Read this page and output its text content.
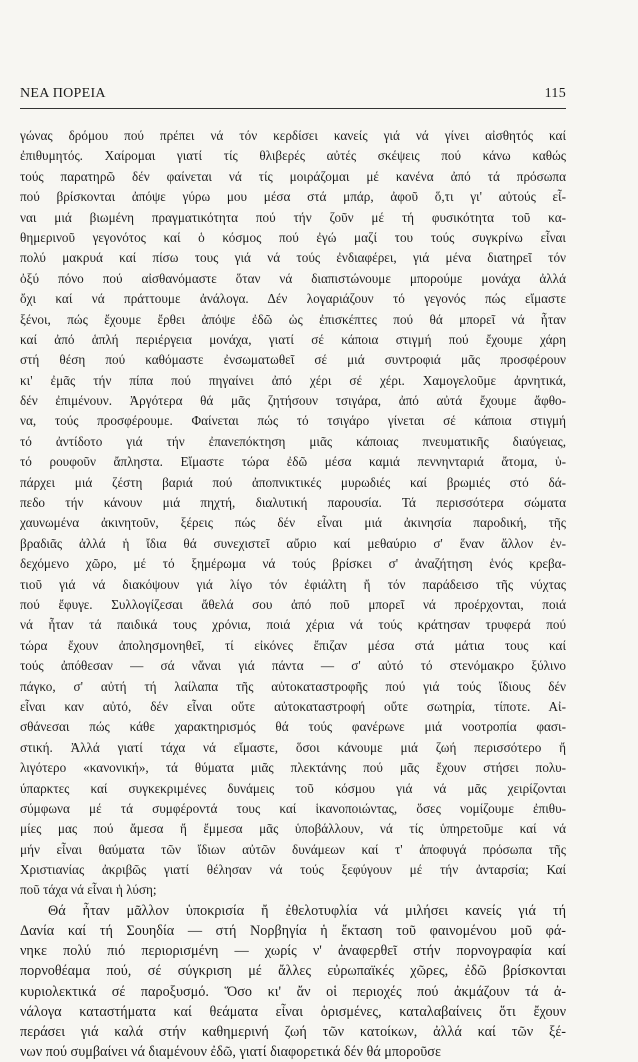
ΝΕΑ ΠΟΡΕΙΑ	115
γώνας δρόμου πού πρέπει νά τόν κερδίσει κανείς γιά νά γίνει αἰσθητός καί
ἐπιθυμητός. Χαίρομαι γιατί τίς θλιβερές αὐτές σκέψεις πού κάνω καθώς
τούς παρατηρῶ δέν φαίνεται νά τίς μοιράζομαι μέ κανένα ἀπό τά πρόσωπα
πού βρίσκονται ἀπόψε γύρω μου μέσα στά μπάρ, ἀφοῦ ὅ,τι γι' αὐτούς εἶ-
ναι μιά βιωμένη πραγματικότητα πού τήν ζοῦν μέ τή φυσικότητα τοῦ κα-
θημερινοῦ γεγονότος καί ὁ κόσμος πού ἐγώ μαζί του τούς συγκρίνω εἶναι
πολύ μακρυά καί πίσω τους γιά νά τούς ἐνδιαφέρει, γιά μένα διατηρεῖ τόν
ὀξύ πόνο πού αἰσθανόμαστε ὅταν νά διαπιστώνουμε μπορούμε μονάχα ἀλλά
ὄχι καί νά πράττουμε ἀνάλογα. Δέν λογαριάζουν τό γεγονός πώς εἴμαστε
ξένοι, πώς ἔχουμε ἔρθει ἀπόψε ἐδῶ ὡς ἐπισκέπτες πού θά μπορεῖ νά ἦταν
καί ἀπό ἁπλή περιέργεια μονάχα, γιατί σέ κάποια στιγμή πού ἔχουμε χάρη
στή θέση πού καθόμαστε ἐνσωματωθεῖ σέ μιά συντροφιά μᾶς προσφέρουν
κι' ἐμᾶς τήν πίπα πού πηγαίνει ἀπό χέρι σέ χέρι. Χαμογελοῦμε ἀρνητικά,
δέν ἐπιμένουν. Ἀργότερα θά μᾶς ζητήσουν τσιγάρα, ἀπό αὐτά ἔχουμε ἄφθο-
να, τούς προσφέρουμε. Φαίνεται πώς τό τσιγάρο γίνεται σέ κάποια στιγμή
τό ἀντίδοτο γιά τήν ἐπανεπόκτηση μιᾶς κάποιας πνευματικῆς διαύγειας,
τό ρουφοῦν ἄπληστα. Εἴμαστε τώρα ἐδῶ μέσα καμιά πεννηνταριά ἄτομα, ὑ-
πάρχει μιά ζέστη βαριά πού ἀποπνικτικές μυρωδιές καί βρωμιές στό δά-
πεδο τήν κάνουν μιά πηχτή, διαλυτική παρουσία. Τά περισσότερα σώματα
χαυνωμένα ἀκινητοῦν, ξέρεις πώς δέν εἶναι μιά ἀκινησία παροδική, τῆς
βραδιᾶς ἀλλά ἡ ἴδια θά συνεχιστεῖ αὔριο καί μεθαύριο σ' ἕναν ἄλλον ἐν-
δεχόμενο χῶρο, μέ τό ξημέρωμα νά τούς βρίσκει σ' ἀναζήτηση ἑνός κρεβα-
τιοῦ γιά νά διακόψουν γιά λίγο τόν ἐφιάλτη ἤ τόν παράδεισο τῆς νύχτας
πού ἔφυγε. Συλλογίζεσαι ἄθελά σου ἀπό ποῦ μπορεῖ νά προέρχονται, ποιά
νά ἦταν τά παιδικά τους χρόνια, ποιά χέρια νά τούς κράτησαν τρυφερά πού
τώρα ἔχουν ἀπολησμονηθεῖ, τί εἰκόνες ἔπιζαν μέσα στά μάτια τους καί
τούς ἀπόθεσαν — σά νἄναι γιά πάντα — σ' αὐτό τό στενόμακρο ξύλινο
πάγκο, σ' αὐτή τή λαίλαπα τῆς αὐτοκαταστροφῆς πού γιά τούς ἴδιους δέν
εἶναι καν αὐτό, δέν εἶναι οὔτε αὐτοκαταστροφή οὔτε σωτηρία, τίποτε. Αἰ-
σθάνεσαι πώς κάθε χαρακτηρισμός θά τούς φανέρωνε μιά νοοτροπία φασι-
στική. Ἀλλά γιατί τάχα νά εἴμαστε, ὅσοι κάνουμε μιά ζωή περισσότερο ἤ
λιγότερο «κανονική», τά θύματα μιᾶς πλεκτάνης πού μᾶς ἔχουν στήσει πολυ-
ύπαρκτες καί συγκεκριμένες δυνάμεις τοῦ κόσμου γιά νά μᾶς χειρίζονται
σύμφωνα μέ τά συμφέροντά τους καί ἱκανοποιώντας, ὅσες νομίζουμε ἐπιθυ-
μίες μας πού ἄμεσα ἤ ἔμμεσα μᾶς ὑποβάλλουν, νά τίς ὑπηρετοῦμε καί νά
μήν εἶναι θαύματα τῶν ἴδιων αὐτῶν δυνάμεων καί τ' ἀποφυγά πρόσωπα τῆς
Χριστιανίας ἀκριβῶς γιατί θέλησαν νά τούς ξεφύγουν μέ τήν ἀνταρσία; Καί
ποῦ τάχα νά εἶναι ἡ λύση;
Θά ἦταν μᾶλλον ὑποκρισία ἤ ἐθελοτυφλία νά μιλήσει κανείς γιά τή
Δανία καί τή Σουηδία — στή Νορβηγία ἡ ἔκταση τοῦ φαινομένου μοῦ φά-
νηκε πολύ πιό περιορισμένη — χωρίς ν' ἀναφερθεῖ στήν πορνογραφία καί
πορνοθέαμα πού, σέ σύγκριση μέ ἄλλες εὐρωπαϊκές χῶρες, ἐδῶ βρίσκονται
κυριολεκτικά σέ παροξυσμό. Ὅσο κι' ἄν οἱ περιοχές πού ἀκμάζουν τά ἀ-
νάλογα καταστήματα καί θεάματα εἶναι ὁρισμένες, καταλαβαίνεις ὅτι ἔχουν
περάσει γιά καλά στήν καθημερινή ζωή τῶν κατοίκων, ἀλλά καί τῶν ξέ-
νων πού συμβαίνει νά διαμένουν ἐδῶ, γιατί διαφορετικά δέν θά μποροῦσε
